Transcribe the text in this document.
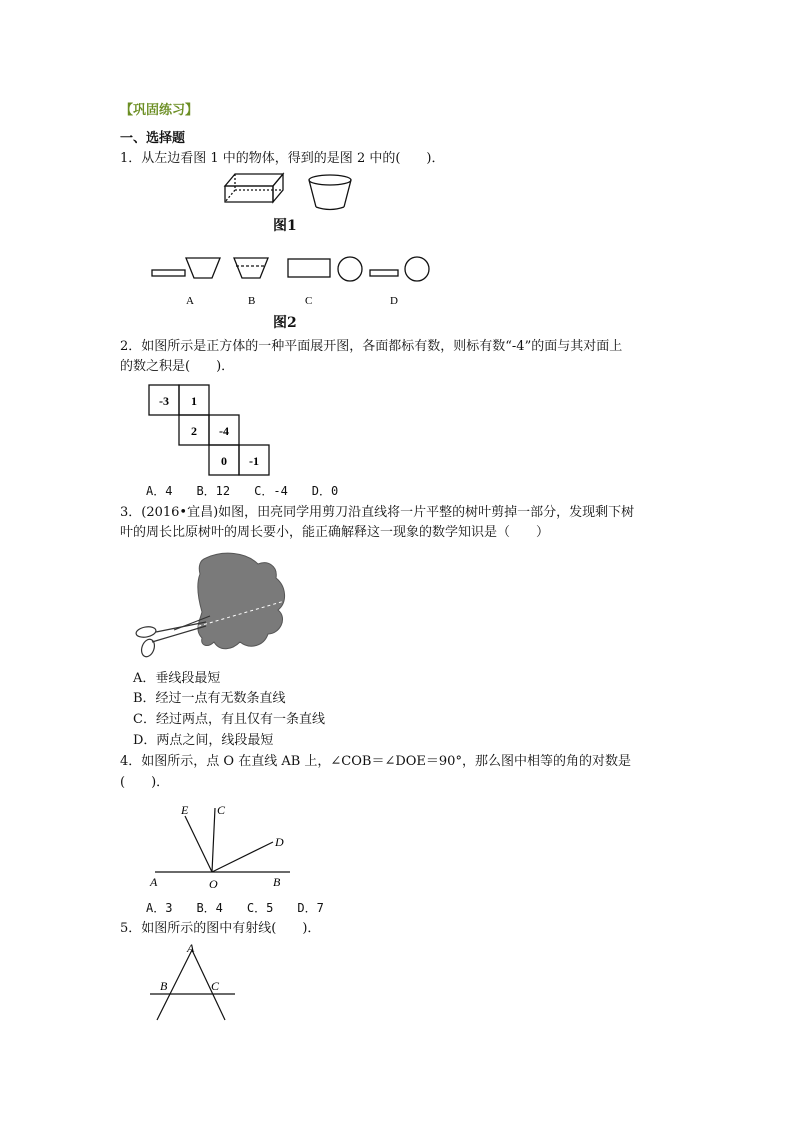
【巩固练习】
一、选择题
1．从左边看图 1 中的物体，得到的是图 2 中的(　　)．
图1
A	B	C	D
图2
2．如图所示是正方体的一种平面展开图，各面都标有数，则标有数“-4”的面与其对面上
的数之积是(　　)．
-3 1
2 -4
0 -1
A．4　　B．12　　C．-4　　D．0
3．(2016•宜昌)如图，田亮同学用剪刀沿直线将一片平整的树叶剪掉一部分，发现剩下树
叶的周长比原树叶的周长要小，能正确解释这一现象的数学知识是（　　）
A．垂线段最短
B．经过一点有无数条直线
C．经过两点，有且仅有一条直线
D．两点之间，线段最短
4．如图所示，点 O 在直线 AB 上，∠COB＝∠DOE＝90°，那么图中相等的角的对数是
(　　)．
E C
D
A	O	B
A．3　　B．4　　C．5　　D．7
5．如图所示的图中有射线(　　)．
A
B	C
